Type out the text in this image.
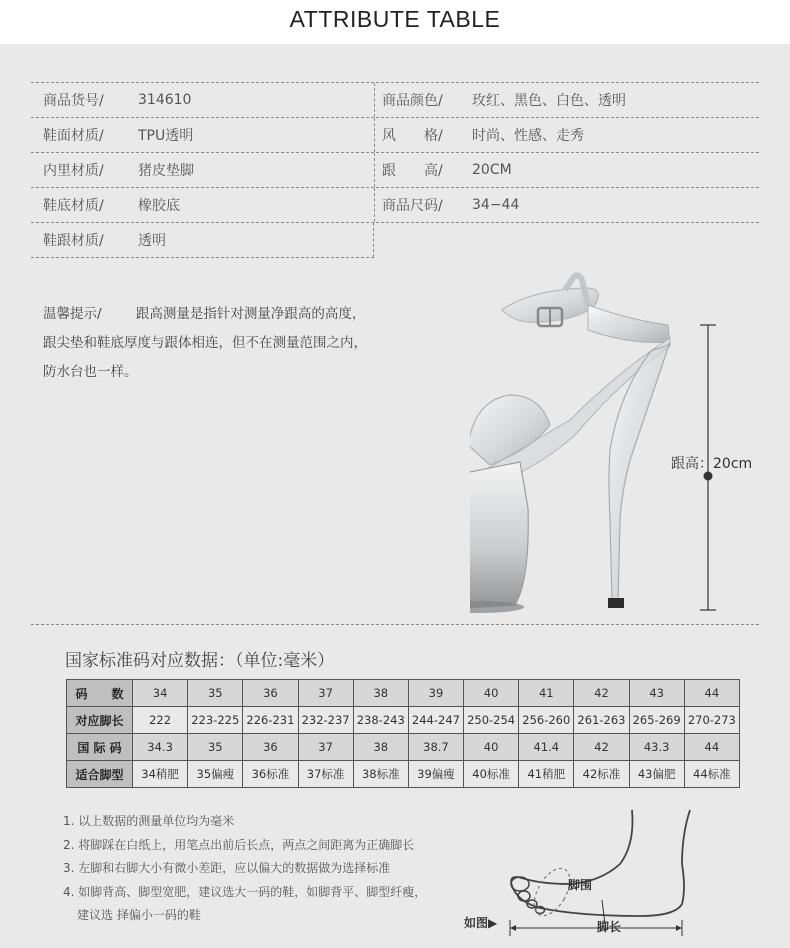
ATTRIBUTE TABLE
商品货号/	314610	商品颜色/	玫红、黑色、白色、透明
鞋面材质/	TPU透明	风　　格/	时尚、性感、走秀
内里材质/	猪皮垫脚	跟　　高/	20CM
鞋底材质/	橡胶底	商品尺码/	34−44
鞋跟材质/	透明
温馨提示/	跟高测量是指针对测量净跟高的高度，
跟尖垫和鞋底厚度与跟体相连，但不在测量范围之内，
防水台也一样。
跟高：20cm
国家标准码对应数据：（单位:毫米）
码　　数	34	35	36	37	38	39	40	41	42	43	44
对应脚长	222	223-225	226-231	232-237	238-243	244-247	250-254	256-260	261-263	265-269	270-273
国 际 码	34.3	35	36	37	38	38.7	40	41.4	42	43.3	44
适合脚型	34稍肥	35偏瘦	36标准	37标准	38标准	39偏瘦	40标准	41稍肥	42标准	43偏肥	44标准
1. 以上数据的测量单位均为毫米
2. 将脚踩在白纸上，用笔点出前后长点，两点之间距离为正确脚长
3. 左脚和右脚大小有微小差距，应以偏大的数据做为选择标准
4. 如脚背高、脚型宽肥，建议选大一码的鞋，如脚背平、脚型纤瘦，
建议选 择偏小一码的鞋
脚围
脚长
如图▶
